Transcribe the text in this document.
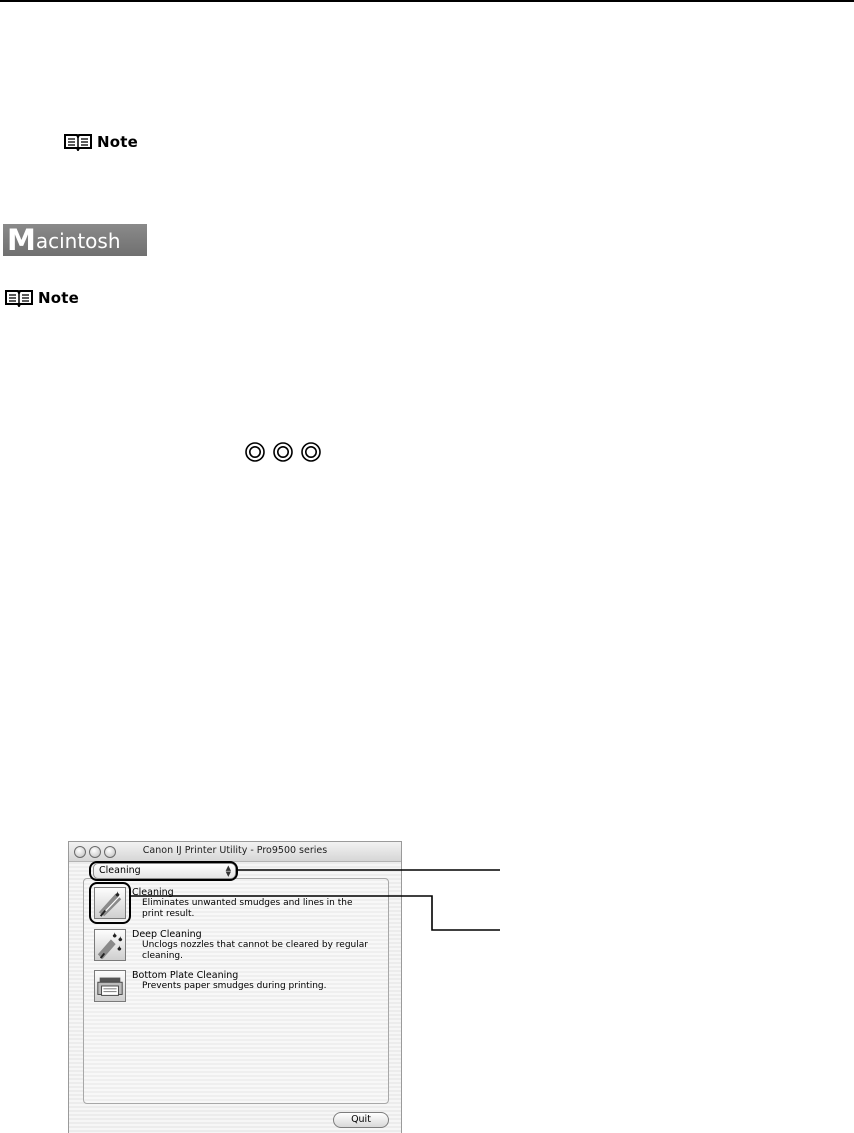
Note
Macintosh
Note
Canon IJ Printer Utility - Pro9500 series
Cleaning
Eliminates unwanted smudges and lines in the print result.
Deep Cleaning
Unclogs nozzles that cannot be cleared by regular cleaning.
Bottom Plate Cleaning
Prevents paper smudges during printing.
Cleaning	▲
▼
Quit
